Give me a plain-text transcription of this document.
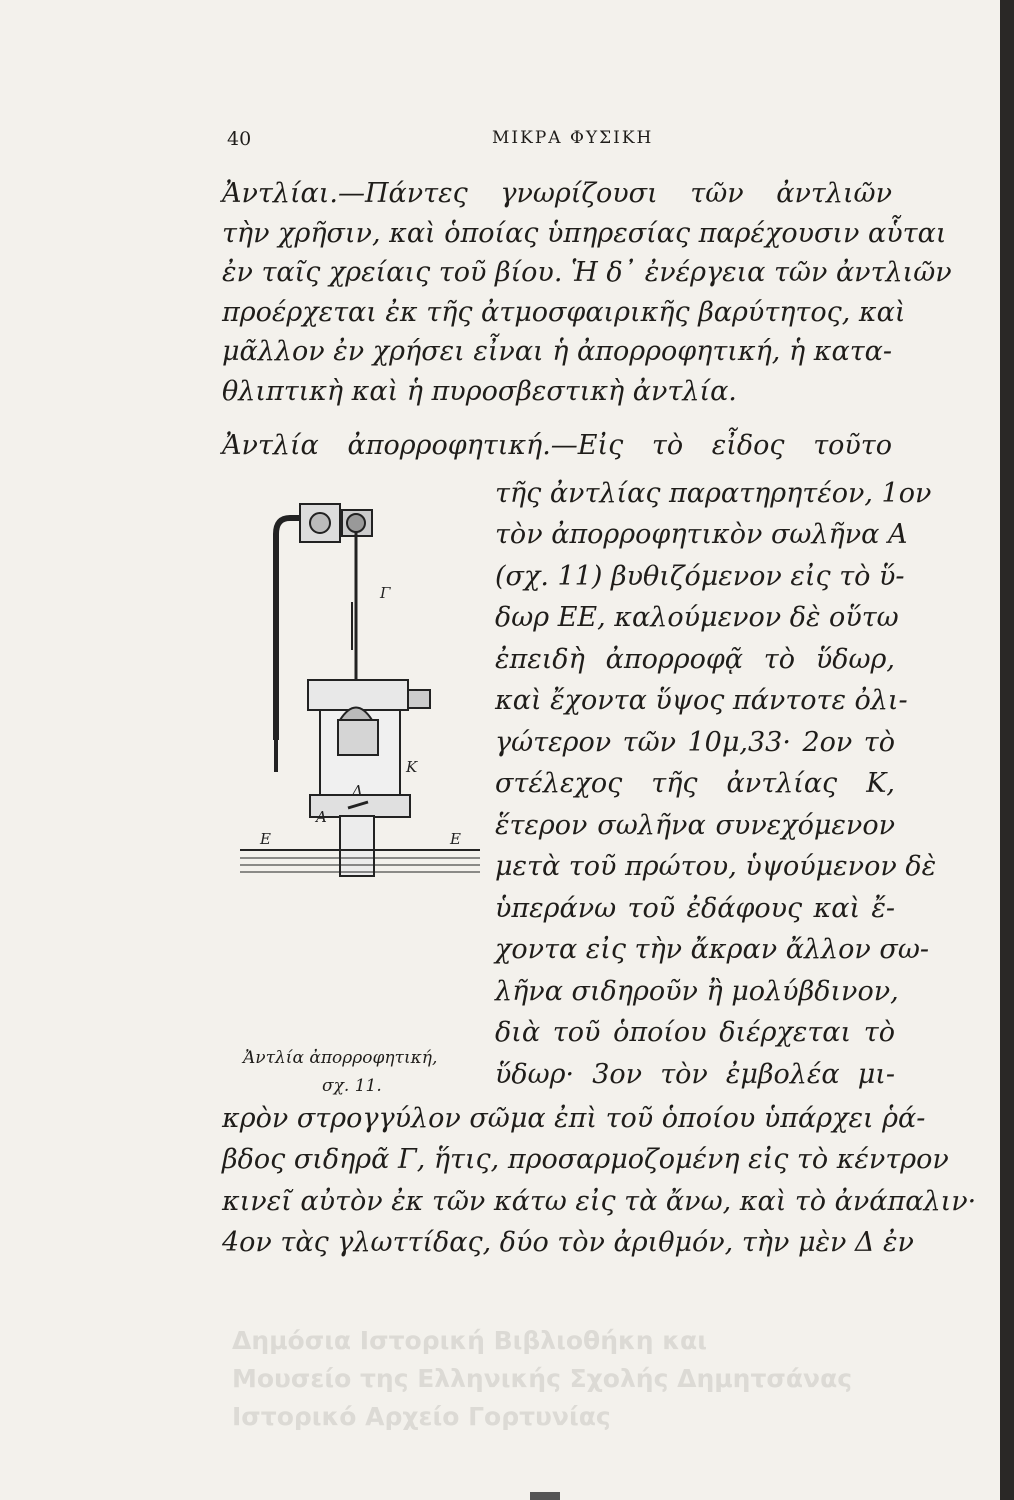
40	ΜΙΚΡΑ ΦΥΣΙΚΗ
Ἀντλίαι.—Πάντες γνωρίζουσι τῶν ἀντλιῶν
τὴν χρῆσιν, καὶ ὁποίας ὑπηρεσίας παρέχουσιν αὗται
ἐν ταῖς χρείαις τοῦ βίου. Ἡ δ᾽ ἐνέργεια τῶν ἀντλιῶν
προέρχεται ἐκ τῆς ἀτμοσφαιρικῆς βαρύτητος, καὶ
μᾶλλον ἐν χρήσει εἶναι ἡ ἀπορροφητική, ἡ κατα-
θλιπτικὴ καὶ ἡ πυροσβεστικὴ ἀντλία.
Ἀντλία ἀπορροφητική.—Εἰς τὸ εἶδος τοῦτο
τῆς ἀντλίας παρατηρητέον, 1ον
τὸν ἀπορροφητικὸν σωλῆνα Α
(σχ. 11) βυθιζόμενον εἰς τὸ ὕ-
δωρ ΕΕ, καλούμενον δὲ οὕτω
ἐπειδὴ ἀπορροφᾷ τὸ ὕδωρ,
καὶ ἔχοντα ὕψος πάντοτε ὀλι-
γώτερον τῶν 10μ,33· 2ον τὸ
στέλεχος τῆς ἀντλίας Κ,
ἕτερον σωλῆνα συνεχόμενον
μετὰ τοῦ πρώτου, ὑψούμενον δὲ
ὑπεράνω τοῦ ἐδάφους καὶ ἔ-
χοντα εἰς τὴν ἄκραν ἄλλον σω-
λῆνα σιδηροῦν ἢ μολύβδινον,
διὰ τοῦ ὁποίου διέρχεται τὸ
ὕδωρ· 3ον τὸν ἐμβολέα μι-
κρὸν στρογγύλον σῶμα ἐπὶ τοῦ ὁποίου ὑπάρχει ῥά-
βδος σιδηρᾶ Γ, ἥτις, προσαρμοζομένη εἰς τὸ κέντρον
κινεῖ αὐτὸν ἐκ τῶν κάτω εἰς τὰ ἄνω, καὶ τὸ ἀνάπαλιν·
4ον τὰς γλωττίδας, δύο τὸν ἀριθμόν, τὴν μὲν Δ ἐν
Γ
Κ
Δ
Α
Ε	Ε
Ἀντλία ἀπορροφητική,
σχ. 11.
Δημόσια Ιστορική Βιβλιοθήκη και
Μουσείο της Ελληνικής Σχολής Δημητσάνας
Ιστορικό Αρχείο Γορτυνίας
